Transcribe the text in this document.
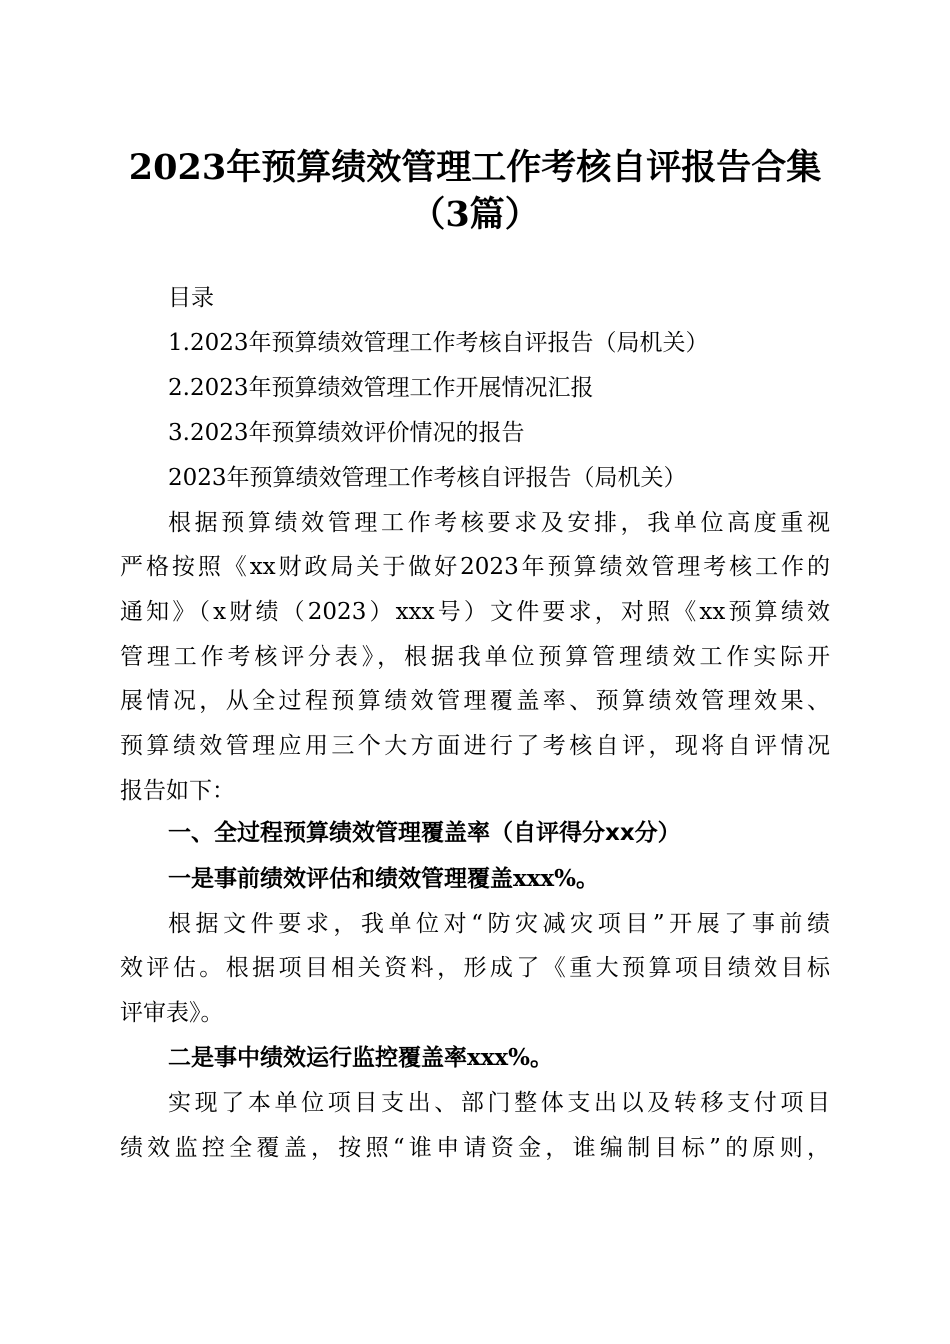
2023年预算绩效管理工作考核自评报告合集
（3篇）
目录
1.2023年预算绩效管理工作考核自评报告（局机关）
2.2023年预算绩效管理工作开展情况汇报
3.2023年预算绩效评价情况的报告
2023年预算绩效管理工作考核自评报告（局机关）
根据预算绩效管理工作考核要求及安排，我单位高度重视
严格按照《xx财政局关于做好2023年预算绩效管理考核工作的
通知》（x财绩（2023）xxx号）文件要求，对照《xx预算绩效
管理工作考核评分表》，根据我单位预算管理绩效工作实际开
展情况，从全过程预算绩效管理覆盖率、预算绩效管理效果、
预算绩效管理应用三个大方面进行了考核自评，现将自评情况
报告如下：
一、全过程预算绩效管理覆盖率（自评得分xx分）
一是事前绩效评估和绩效管理覆盖xxx%。
根据文件要求，我单位对“防灾减灾项目”开展了事前绩
效评估。根据项目相关资料，形成了《重大预算项目绩效目标
评审表》。
二是事中绩效运行监控覆盖率xxx%。
实现了本单位项目支出、部门整体支出以及转移支付项目
绩效监控全覆盖，按照“谁申请资金，谁编制目标”的原则，
